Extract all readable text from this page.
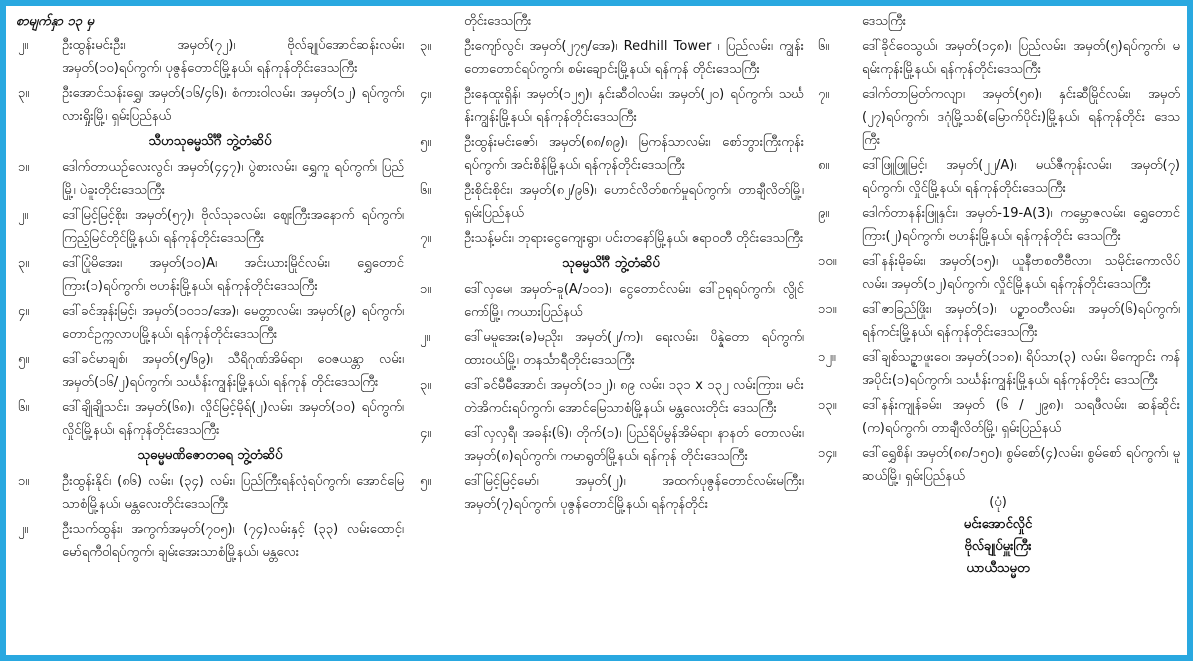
စာမျက်နှာ ၁၃ မှ
၂။	ဦးထွန်းမင်းဦး၊ အမှတ်(၇၂)၊ ဗိုလ်ချုပ်အောင်ဆန်းလမ်း၊ အမှတ်(၁၀)ရပ်ကွက်၊ ပုဇွန်တောင်မြို့နယ်၊ ရန်ကုန်တိုင်းဒေသကြီး
၃။	ဦးအောင်သန်းရွှေ၊ အမှတ်(၁၆/၄၆)၊ စံကားဝါလမ်း၊ အမှတ်(၁၂) ရပ်ကွက်၊ လားရှိုးမြို့၊ ရှမ်းပြည်နယ်
သီဟသုဓမ္မသိင်္ဂီ ဘွဲ့တံဆိပ်
၁။	ဒေါက်တာယဉ်လေးလွင်၊ အမှတ်(၄၄၇)၊ ပွဲစားလမ်း၊ ရွှေကူ ရပ်ကွက်၊ ပြည်မြို့၊ ပဲခူးတိုင်းဒေသကြီး
၂။	ဒေါ်မြင့်မြင့်စိုး၊ အမှတ်(၅၇)၊ ဗိုလ်သုခလမ်း၊ ဈေးကြီးအနောက် ရပ်ကွက်၊ ကြည့်မြင်တိုင်မြို့နယ်၊ ရန်ကုန်တိုင်းဒေသကြီး
၃။	ဒေါ်ပြုံမိအေး၊ အမှတ်(၁၀)A၊ အင်းယားမြိုင်လမ်း၊ ရွှေတောင်ကြား(၁)ရပ်ကွက်၊ ဗဟန်းမြို့နယ်၊ ရန်ကုန်တိုင်းဒေသကြီး
၄။	ဒေါ်ခင်အုန်းမြင့်၊ အမှတ်(၁၀၁၁/အေ)၊ မေတ္တာလမ်း၊ အမှတ်(၉) ရပ်ကွက်၊ တောင်ဥက္ကလာပမြို့နယ်၊ ရန်ကုန်တိုင်းဒေသကြီး
၅။	ဒေါ်ခင်မာချစ်၊ အမှတ်(၅/၆၉)၊ သီရိဂုဏ်အိမ်ရာ၊ ဝေဇယန္တာ လမ်း၊ အမှတ်(၁၆/၂)ရပ်ကွက်၊ သင်္ဃန်းကျွန်းမြို့နယ်၊ ရန်ကုန် တိုင်းဒေသကြီး
၆။	ဒေါ်ချိုချိုသင်း၊ အမှတ်(၆၈)၊ လှိုင်မြင့်မိုရ်(၂)လမ်း၊ အမှတ်(၁၀) ရပ်ကွက်၊ လှိုင်မြို့နယ်၊ ရန်ကုန်တိုင်းဒေသကြီး
သုဓမ္မမဏိဇောတဓရ ဘွဲ့တံဆိပ်
၁။	ဦးထွန်းနိုင်၊ (၈၆) လမ်း၊ (၃၄) လမ်း၊ ပြည်ကြီးရန်လုံရပ်ကွက်၊ အောင်မြေသာစံမြို့နယ်၊ မန္တလေးတိုင်းဒေသကြီး
၂။	ဦးသက်ထွန်း၊ အကွက်အမှတ်(၇၀၅)၊ (၇၄)လမ်းနှင့် (၃၃) လမ်းထောင့်၊ မော်ရကီဝါရပ်ကွက်၊ ချမ်းအေးသာစံမြို့နယ်၊ မန္တလေး
တိုင်းဒေသကြီး
၃။	ဦးကျော်လွင်၊ အမှတ်(၂၇၅/အေ)၊ Redhill Tower ၊ ပြည်လမ်း၊ ကျွန်းတောတောင်ရပ်ကွက်၊ စမ်းချောင်းမြို့နယ်၊ ရန်ကုန် တိုင်းဒေသကြီး
၄။	ဦးနေထူးရှိန်၊ အမှတ်(၁၂၅)၊ နှင်းဆီဝါလမ်း၊ အမှတ်(၂၀) ရပ်ကွက်၊ သင်္ဃန်းကျွန်းမြို့နယ်၊ ရန်ကုန်တိုင်းဒေသကြီး
၅။	ဦးထွန်းမင်းဇော်၊ အမှတ်(၈၈/၈၉)၊ မြကန်သာလမ်း၊ စော်ဘွားကြီးကုန်းရပ်ကွက်၊ အင်းစိန်မြို့နယ်၊ ရန်ကုန်တိုင်းဒေသကြီး
၆။	ဦးစိုင်းစိုင်း၊ အမှတ်(၈၂/၉၆)၊ ဟောင်လိတ်စက်မှုရပ်ကွက်၊ တာချီလိတ်မြို့၊ ရှမ်းပြည်နယ်
၇။	ဦးသန့်မင်း၊ ဘုရားငွေကျေးရွာ၊ ပင်းတနော်မြို့နယ်၊ ဧရာဝတီ တိုင်းဒေသကြီး
သုဓမ္မသိင်္ဂီ ဘွဲ့တံဆိပ်
၁။	ဒေါ်လှမေ၊ အမှတ်-ခူ(A/၁၀၁)၊ ငွေတောင်လမ်း၊ ဒေါ်ဥရုရပ်ကွက်၊ လွိုင်ကော်မြို့၊ ကယားပြည်နယ်
၂။	ဒေါ်မမူအေး(ခ)မညိုး၊ အမှတ်(၂/က)၊ ရေးလမ်း၊ ပိန္နဲတော ရပ်ကွက်၊ ထားဝယ်မြို့၊ တနင်္သာရီတိုင်းဒေသကြီး
၃။	ဒေါ်ခင်မီမီအောင်၊ အမှတ်(၁၁၂)၊ ၈၉ လမ်း၊ ၁၃၁ x ၁၃၂ လမ်းကြား၊ မင်းတဲအိကင်းရပ်ကွက်၊ အောင်မြေသာစံမြို့နယ်၊ မန္တလေးတိုင်း ဒေသကြီး
၄။	ဒေါ်လှလှရီ၊ အခန်း(၆)၊ တိုက်(၁)၊ ပြည်ရိပ်မွန်အိမ်ရာ၊ နာနတ် တောလမ်း၊ အမှတ်(၈)ရပ်ကွက်၊ ကမာရွတ်မြို့နယ်၊ ရန်ကုန် တိုင်းဒေသကြီး
၅။	ဒေါ်မြင့်မြင့်မော်၊ အမှတ်(၂)၊ အထက်ပုဇွန်တောင်လမ်းမကြီး၊ အမှတ်(၇)ရပ်ကွက်၊ ပုဇွန်တောင်မြို့နယ်၊ ရန်ကုန်တိုင်း
ဒေသကြီး
၆။	ဒေါ်ခိုင်ဝေသွယ်၊ အမှတ်(၁၄၈)၊ ပြည်လမ်း၊ အမှတ်(၅)ရပ်ကွက်၊ မရမ်းကုန်းမြို့နယ်၊ ရန်ကုန်တိုင်းဒေသကြီး
၇။	ဒေါက်တာမြတ်ကလျာ၊ အမှတ်(၅၈)၊ နှင်းဆီမြိုင်လမ်း၊ အမှတ် (၂၇)ရပ်ကွက်၊ ဒဂုံမြို့သစ်(မြောက်ပိုင်း)မြို့နယ်၊ ရန်ကုန်တိုင်း ဒေသကြီး
၈။	ဒေါ်ဖြူဖြူမြင့်၊ အမှတ်(၂၂/A)၊ မယ်ဇီကုန်းလမ်း၊ အမှတ်(၇) ရပ်ကွက်၊ လှိုင်မြို့နယ်၊ ရန်ကုန်တိုင်းဒေသကြီး
၉။	ဒေါက်တာနန်းဖြူနှင်း၊ အမှတ်-19-A(3)၊ ကမ္ဘောဇလမ်း၊ ရွှေတောင်ကြား(၂)ရပ်ကွက်၊ ဗဟန်းမြို့နယ်၊ ရန်ကုန်တိုင်း ဒေသကြီး
၁၀။	ဒေါ်နန်းမိုခမ်း၊ အမှတ်(၁၅)၊ ယူနီဗာစတီဗီလာ၊ သမိုင်းကောလိပ် လမ်း၊ အမှတ်(၁၂)ရပ်ကွက်၊ လှိုင်မြို့နယ်၊ ရန်ကုန်တိုင်းဒေသကြီး
၁၁။	ဒေါ်ဇာခြည်ဖြိုး၊ အမှတ်(၁)၊ ပဉ္စာဝတီလမ်း၊ အမှတ်(၆)ရပ်ကွက်၊ ရန်ကင်းမြို့နယ်၊ ရန်ကုန်တိုင်းဒေသကြီး
၁၂။	ဒေါ်ချစ်သဉ္ဇာဖူးဝေ၊ အမှတ်(၁၁၈)၊ ရိပ်သာ(၃) လမ်း၊ မိကျောင်း ကန်အပိုင်း(၁)ရပ်ကွက်၊ သင်္ဃန်းကျွန်းမြို့နယ်၊ ရန်ကုန်တိုင်း ဒေသကြီး
၁၃။	ဒေါ်နန်းကျုန်ခမ်း၊ အမှတ် (၆ / ၂၉၈)၊ သရဖီလမ်း၊ ဆန်ဆိုင်း (က)ရပ်ကွက်၊ တာချီလိတ်မြို့၊ ရှမ်းပြည်နယ်
၁၄။	ဒေါ်ရွှေစိန်၊ အမှတ်(၈၈/၁၅၀)၊ စွမ်စော်(၄)လမ်း၊ စွမ်စော် ရပ်ကွက်၊ မူဆယ်မြို့၊ ရှမ်းပြည်နယ်
(ပုံ)
မင်းအောင်လှိုင်
ဗိုလ်ချုပ်မှူးကြီး
ယာယီသမ္မတ
